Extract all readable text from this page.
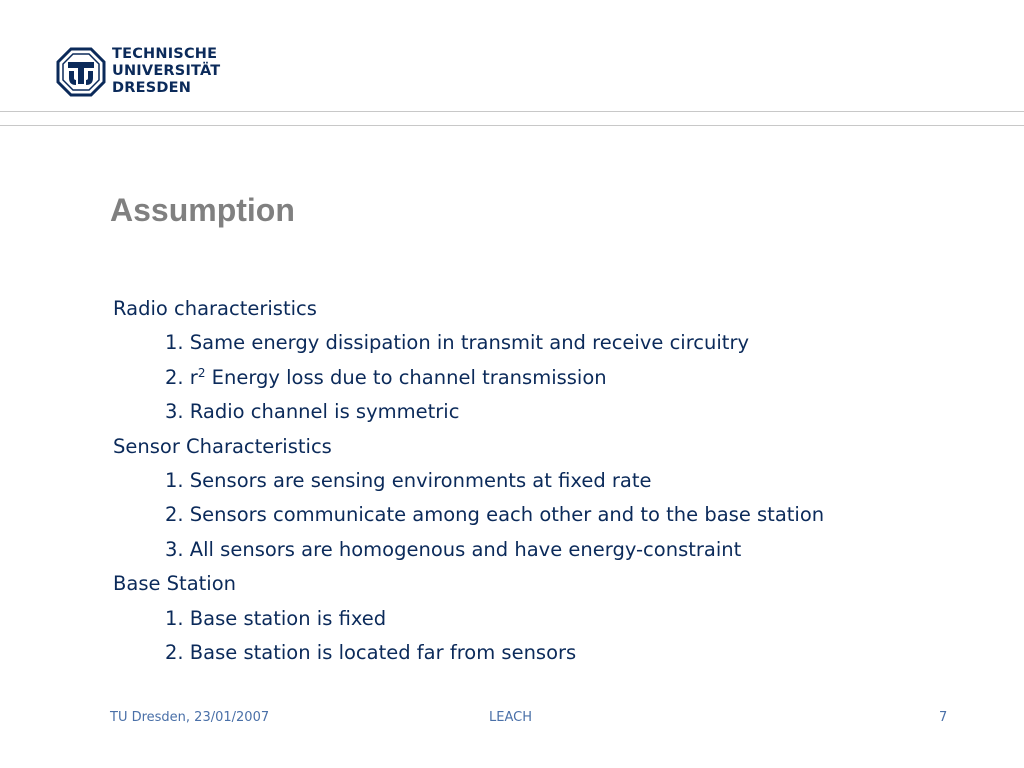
TECHNISCHE
UNIVERSITÄT
DRESDEN
Assumption
Radio characteristics
1. Same energy dissipation in transmit and receive circuitry
2. $r^2$ Energy loss due to channel transmission
3. Radio channel is symmetric
Sensor Characteristics
1. Sensors are sensing environments at fixed rate
2. Sensors communicate among each other and to the base station
3. All sensors are homogenous and have energy-constraint
Base Station
1. Base station is fixed
2. Base station is located far from sensors
TU Dresden, 23/01/2007	LEACH	7
